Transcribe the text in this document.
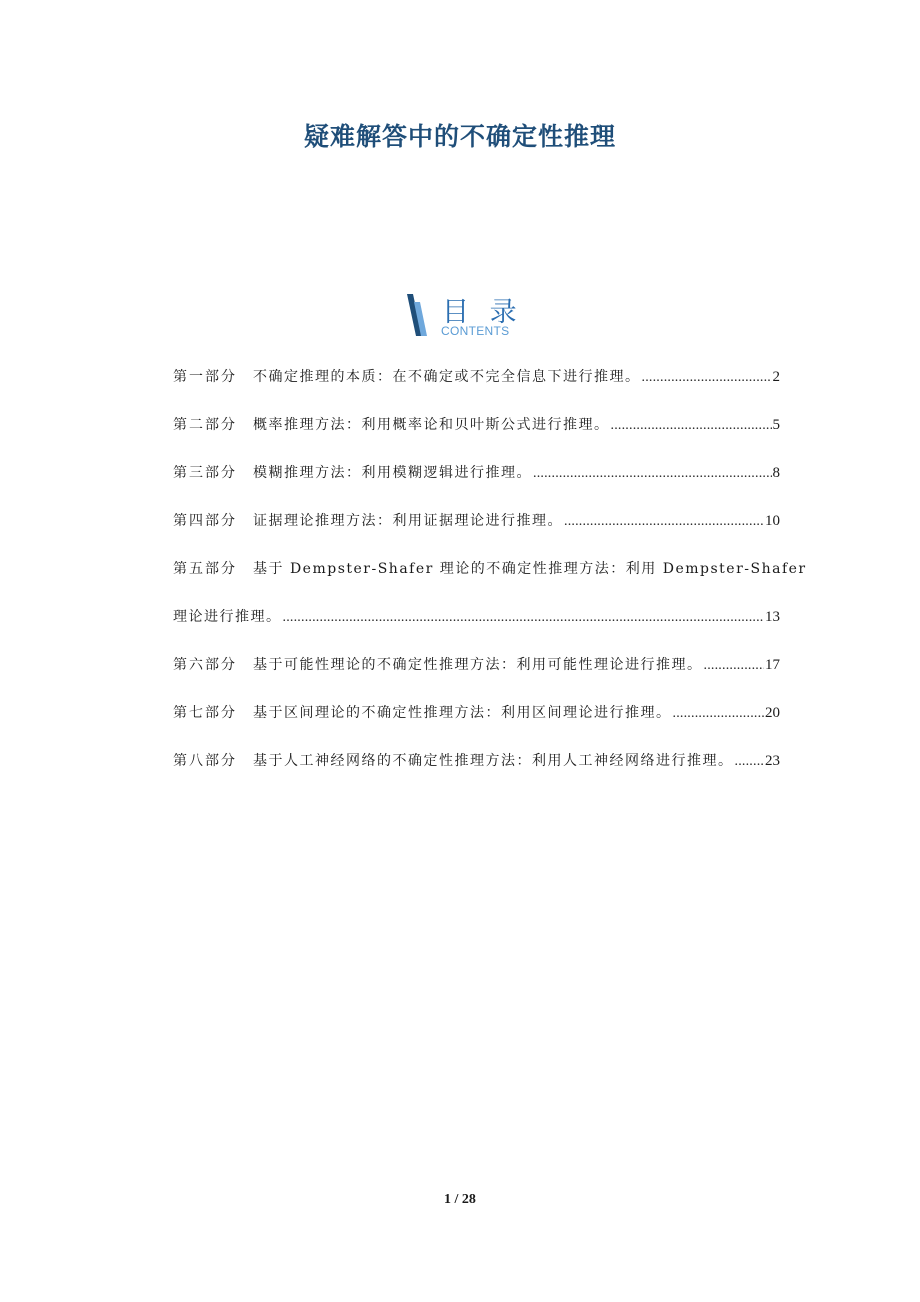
疑难解答中的不确定性推理
目 录
CONTENTS
第一部分 不确定推理的本质：在不确定或不完全信息下进行推理。 .....	2
第二部分 概率推理方法：利用概率论和贝叶斯公式进行推理。 .....	5
第三部分 模糊推理方法：利用模糊逻辑进行推理。 .....	8
第四部分 证据理论推理方法：利用证据理论进行推理。 .....	10
第五部分 基于 Dempster-Shafer 理论的不确定性推理方法：利用 Dempster-Shafer
理论进行推理。 .....	13
第六部分 基于可能性理论的不确定性推理方法：利用可能性理论进行推理。 .....	17
第七部分 基于区间理论的不确定性推理方法：利用区间理论进行推理。 .....	20
第八部分 基于人工神经网络的不确定性推理方法：利用人工神经网络进行推理。 ..... 23
1 / 28
